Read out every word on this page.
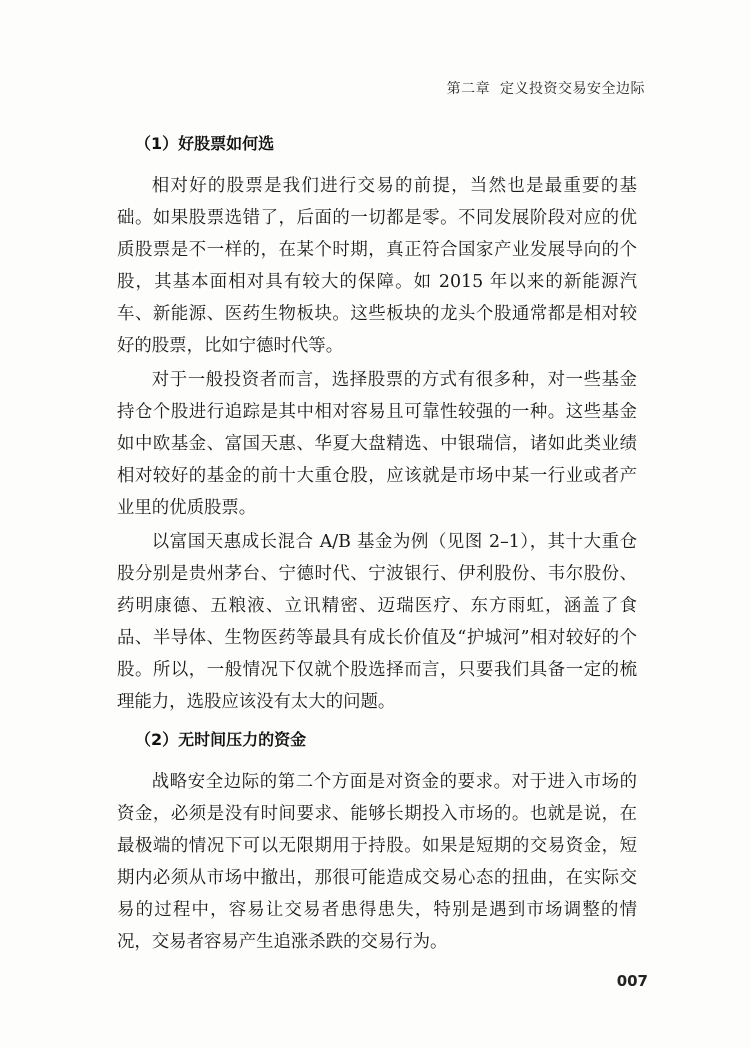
第二章 定义投资交易安全边际
（1）好股票如何选

相对好的股票是我们进行交易的前提，当然也是最重要的基础。如果股票选错了，后面的一切都是零。不同发展阶段对应的优质股票是不一样的，在某个时期，真正符合国家产业发展导向的个股，其基本面相对具有较大的保障。如 2015 年以来的新能源汽车、新能源、医药生物板块。这些板块的龙头个股通常都是相对较好的股票，比如宁德时代等。

对于一般投资者而言，选择股票的方式有很多种，对一些基金持仓个股进行追踪是其中相对容易且可靠性较强的一种。这些基金如中欧基金、富国天惠、华夏大盘精选、中银瑞信，诸如此类业绩相对较好的基金的前十大重仓股，应该就是市场中某一行业或者产业里的优质股票。

以富国天惠成长混合 A/B 基金为例（见图 2–1），其十大重仓股分别是贵州茅台、宁德时代、宁波银行、伊利股份、韦尔股份、药明康德、五粮液、立讯精密、迈瑞医疗、东方雨虹，涵盖了食品、半导体、生物医药等最具有成长价值及“护城河”相对较好的个股。所以，一般情况下仅就个股选择而言，只要我们具备一定的梳理能力，选股应该没有太大的问题。

（2）无时间压力的资金

战略安全边际的第二个方面是对资金的要求。对于进入市场的资金，必须是没有时间要求、能够长期投入市场的。也就是说，在最极端的情况下可以无限期用于持股。如果是短期的交易资金，短期内必须从市场中撤出，那很可能造成交易心态的扭曲，在实际交易的过程中，容易让交易者患得患失，特别是遇到市场调整的情况，交易者容易产生追涨杀跌的交易行为。

007
